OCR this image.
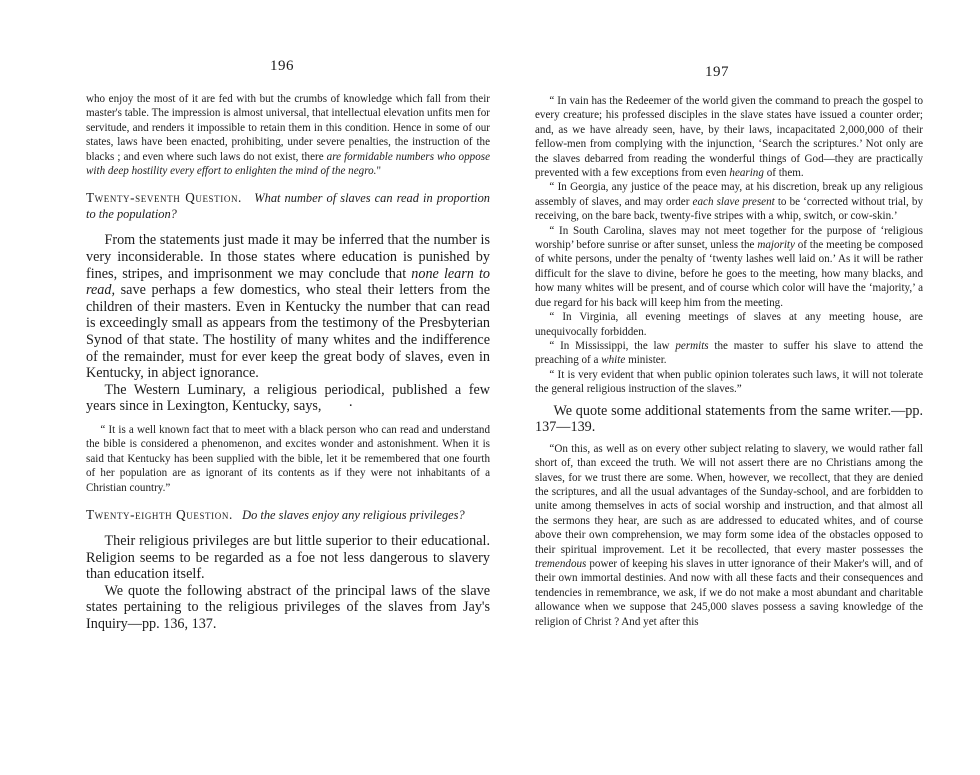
196

who enjoy the most of it are fed with but the crumbs of knowledge which fall from their master's table. The impression is almost universal, that intellectual elevation unfits men for servitude, and renders it impossible to retain them in this condition. Hence in some of our states, laws have been enacted, prohibiting, under severe penalties, the instruction of the blacks ; and even where such laws do not exist, there are formidable numbers who oppose with deep hostility every effort to enlighten the mind of the negro."

Twenty-seventh Question. What number of slaves can read in proportion to the population?

From the statements just made it may be inferred that the number is very inconsiderable. In those states where education is punished by fines, stripes, and imprisonment we may conclude that none learn to read, save perhaps a few domestics, who steal their letters from the children of their masters. Even in Kentucky the number that can read is exceedingly small as appears from the testimony of the Presbyterian Synod of that state. The hostility of many whites and the indifference of the remainder, must for ever keep the great body of slaves, even in Kentucky, in abject ignorance.

The Western Luminary, a religious periodical, published a few years since in Lexington, Kentucky, says, ·

“ It is a well known fact that to meet with a black person who can read and understand the bible is considered a phenomenon, and excites wonder and astonishment. When it is said that Kentucky has been supplied with the bible, let it be remembered that one fourth of her population are as ignorant of its contents as if they were not inhabitants of a Christian country.”

Twenty-eighth Question. Do the slaves enjoy any religious privileges?

Their religious privileges are but little superior to their educational. Religion seems to be regarded as a foe not less dangerous to slavery than education itself.

We quote the following abstract of the principal laws of the slave states pertaining to the religious privileges of the slaves from Jay's Inquiry—pp. 136, 137.

197

“ In vain has the Redeemer of the world given the command to preach the gospel to every creature; his professed disciples in the slave states have issued a counter order; and, as we have already seen, have, by their laws, incapacitated 2,000,000 of their fellow-men from complying with the injunction, ‘Search the scriptures.’ Not only are the slaves debarred from reading the wonderful things of God—they are practically prevented with a few exceptions from even hearing of them.

“ In Georgia, any justice of the peace may, at his discretion, break up any religious assembly of slaves, and may order each slave present to be ‘corrected without trial, by receiving, on the bare back, twenty-five stripes with a whip, switch, or cow-skin.’

“ In South Carolina, slaves may not meet together for the purpose of ‘religious worship’ before sunrise or after sunset, unless the majority of the meeting be composed of white persons, under the penalty of ‘twenty lashes well laid on.’ As it will be rather difficult for the slave to divine, before he goes to the meeting, how many blacks, and how many whites will be present, and of course which color will have the ‘majority,’ a due regard for his back will keep him from the meeting.

“ In Virginia, all evening meetings of slaves at any meeting house, are unequivocally forbidden.

“ In Mississippi, the law permits the master to suffer his slave to attend the preaching of a white minister.

“ It is very evident that when public opinion tolerates such laws, it will not tolerate the general religious instruction of the slaves.”

We quote some additional statements from the same writer.—pp. 137—139.

“On this, as well as on every other subject relating to slavery, we would rather fall short of, than exceed the truth. We will not assert there are no Christians among the slaves, for we trust there are some. When, however, we recollect, that they are denied the scriptures, and all the usual advantages of the Sunday-school, and are forbidden to unite among themselves in acts of social worship and instruction, and that almost all the sermons they hear, are such as are addressed to educated whites, and of course above their own comprehension, we may form some idea of the obstacles opposed to their spiritual improvement. Let it be recollected, that every master possesses the tremendous power of keeping his slaves in utter ignorance of their Maker's will, and of their own immortal destinies. And now with all these facts and their consequences and tendencies in remembrance, we ask, if we do not make a most abundant and charitable allowance when we suppose that 245,000 slaves possess a saving knowledge of the religion of Christ ? And yet after this
